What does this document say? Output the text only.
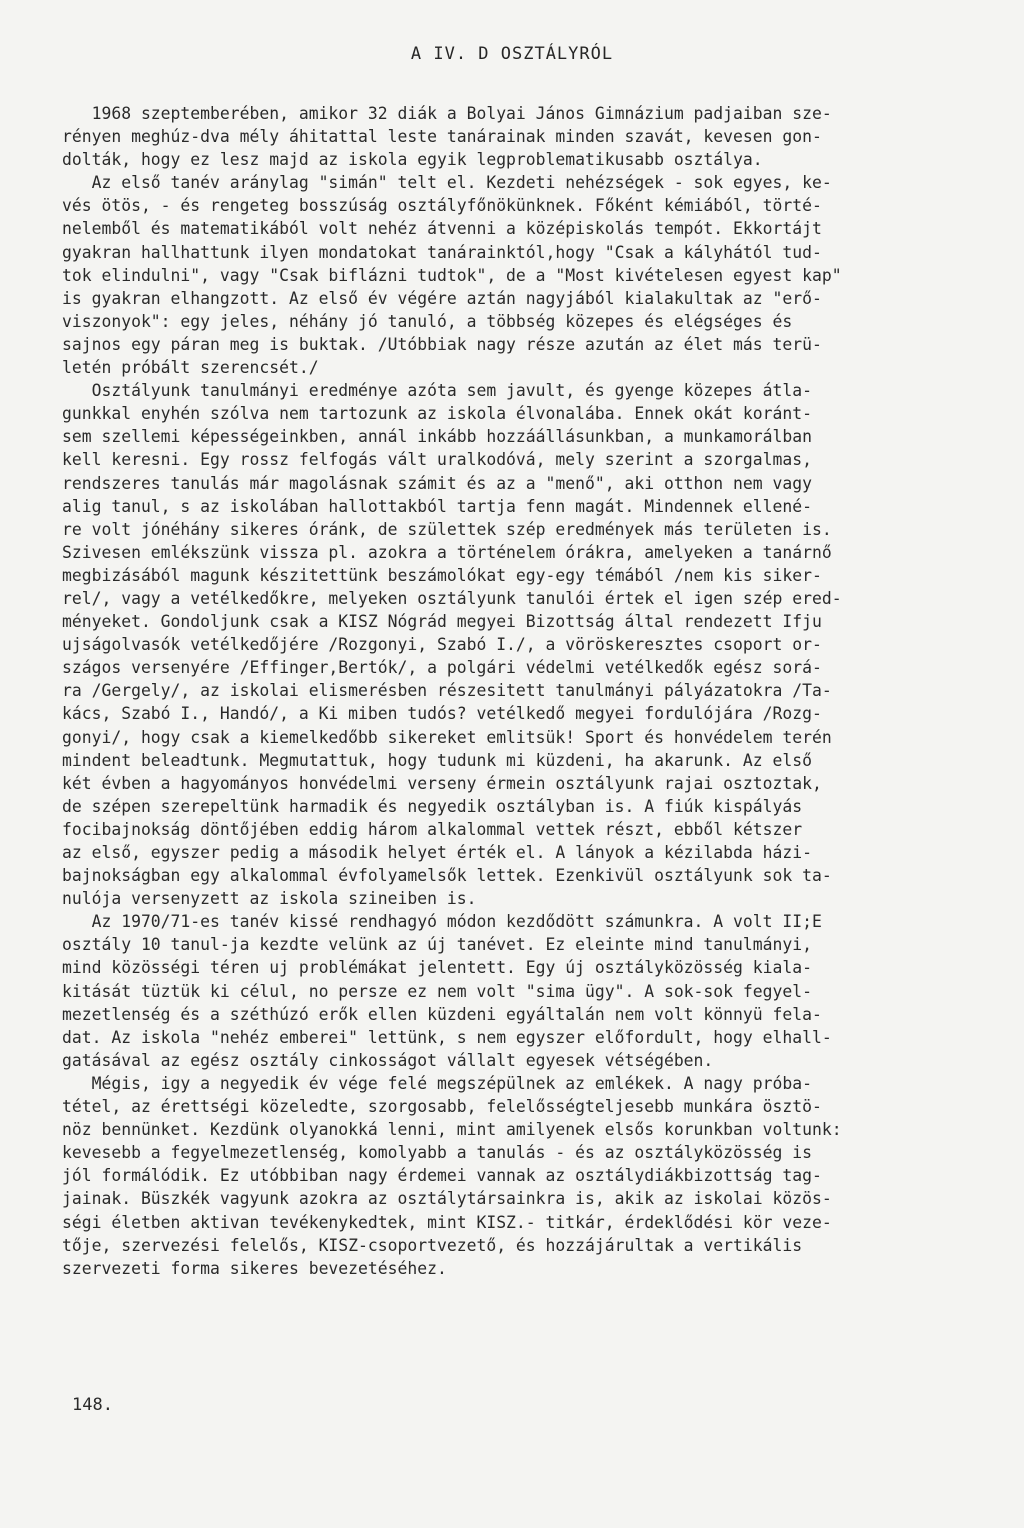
A IV. D OSZTÁLYRÓL
1968 szeptemberében, amikor 32 diák a Bolyai János Gimnázium padjaiban sze-
rényen meghúz-dva mély áhitattal leste tanárainak minden szavát, kevesen gon-
dolták, hogy ez lesz majd az iskola egyik legproblematikusabb osztálya.
Az első tanév aránylag "simán" telt el. Kezdeti nehézségek - sok egyes, ke-
vés ötös, - és rengeteg bosszúság osztályfőnökünknek. Főként kémiából, törté-
nelemből és matematikából volt nehéz átvenni a középiskolás tempót. Ekkortájt
gyakran hallhattunk ilyen mondatokat tanárainktól,hogy "Csak a kályhától tud-
tok elindulni", vagy "Csak biflázni tudtok", de a "Most kivételesen egyest kap"
is gyakran elhangzott. Az első év végére aztán nagyjából kialakultak az "erő-
viszonyok": egy jeles, néhány jó tanuló, a többség közepes és elégséges és
sajnos egy páran meg is buktak. /Utóbbiak nagy része azután az élet más terü-
letén próbált szerencsét./
Osztályunk tanulmányi eredménye azóta sem javult, és gyenge közepes átla-
gunkkal enyhén szólva nem tartozunk az iskola élvonalába. Ennek okát koránt-
sem szellemi képességeinkben, annál inkább hozzáállásunkban, a munkamorálban
kell keresni. Egy rossz felfogás vált uralkodóvá, mely szerint a szorgalmas,
rendszeres tanulás már magolásnak számit és az a "menő", aki otthon nem vagy
alig tanul, s az iskolában hallottakból tartja fenn magát. Mindennek ellené-
re volt jónéhány sikeres óránk, de születtek szép eredmények más területen is.
Szivesen emlékszünk vissza pl. azokra a történelem órákra, amelyeken a tanárnő
megbizásából magunk készitettünk beszámolókat egy-egy témából /nem kis siker-
rel/, vagy a vetélkedőkre, melyeken osztályunk tanulói értek el igen szép ered-
ményeket. Gondoljunk csak a KISZ Nógrád megyei Bizottság által rendezett Ifju
ujságolvasók vetélkedőjére /Rozgonyi, Szabó I./, a vöröskeresztes csoport or-
szágos versenyére /Effinger,Bertók/, a polgári védelmi vetélkedők egész sorá-
ra /Gergely/, az iskolai elismerésben részesitett tanulmányi pályázatokra /Ta-
kács, Szabó I., Handó/, a Ki miben tudós? vetélkedő megyei fordulójára /Rozg-
gonyi/, hogy csak a kiemelkedőbb sikereket emlitsük! Sport és honvédelem terén
mindent beleadtunk. Megmutattuk, hogy tudunk mi küzdeni, ha akarunk. Az első
két évben a hagyományos honvédelmi verseny érmein osztályunk rajai osztoztak,
de szépen szerepeltünk harmadik és negyedik osztályban is. A fiúk kispályás
focibajnokság döntőjében eddig három alkalommal vettek részt, ebből kétszer
az első, egyszer pedig a második helyet érték el. A lányok a kézilabda házi-
bajnokságban egy alkalommal évfolyamelsők lettek. Ezenkivül osztályunk sok ta-
nulója versenyzett az iskola szineiben is.
Az 1970/71-es tanév kissé rendhagyó módon kezdődött számunkra. A volt II;E
osztály 10 tanul-ja kezdte velünk az új tanévet. Ez eleinte mind tanulmányi,
mind közösségi téren uj problémákat jelentett. Egy új osztályközösség kiala-
kitását tüztük ki célul, no persze ez nem volt "sima ügy". A sok-sok fegyel-
mezetlenség és a széthúzó erők ellen küzdeni egyáltalán nem volt könnyü fela-
dat. Az iskola "nehéz emberei" lettünk, s nem egyszer előfordult, hogy elhall-
gatásával az egész osztály cinkosságot vállalt egyesek vétségében.
Mégis, igy a negyedik év vége felé megszépülnek az emlékek. A nagy próba-
tétel, az érettségi közeledte, szorgosabb, felelősségteljesebb munkára ösztö-
nöz bennünket. Kezdünk olyanokká lenni, mint amilyenek elsős korunkban voltunk:
kevesebb a fegyelmezetlenség, komolyabb a tanulás - és az osztályközösség is
jól formálódik. Ez utóbbiban nagy érdemei vannak az osztálydiákbizottság tag-
jainak. Büszkék vagyunk azokra az osztálytársainkra is, akik az iskolai közös-
ségi életben aktivan tevékenykedtek, mint KISZ.- titkár, érdeklődési kör veze-
tője, szervezési felelős, KISZ-csoportvezető, és hozzájárultak a vertikális
szervezeti forma sikeres bevezetéséhez.
148.
